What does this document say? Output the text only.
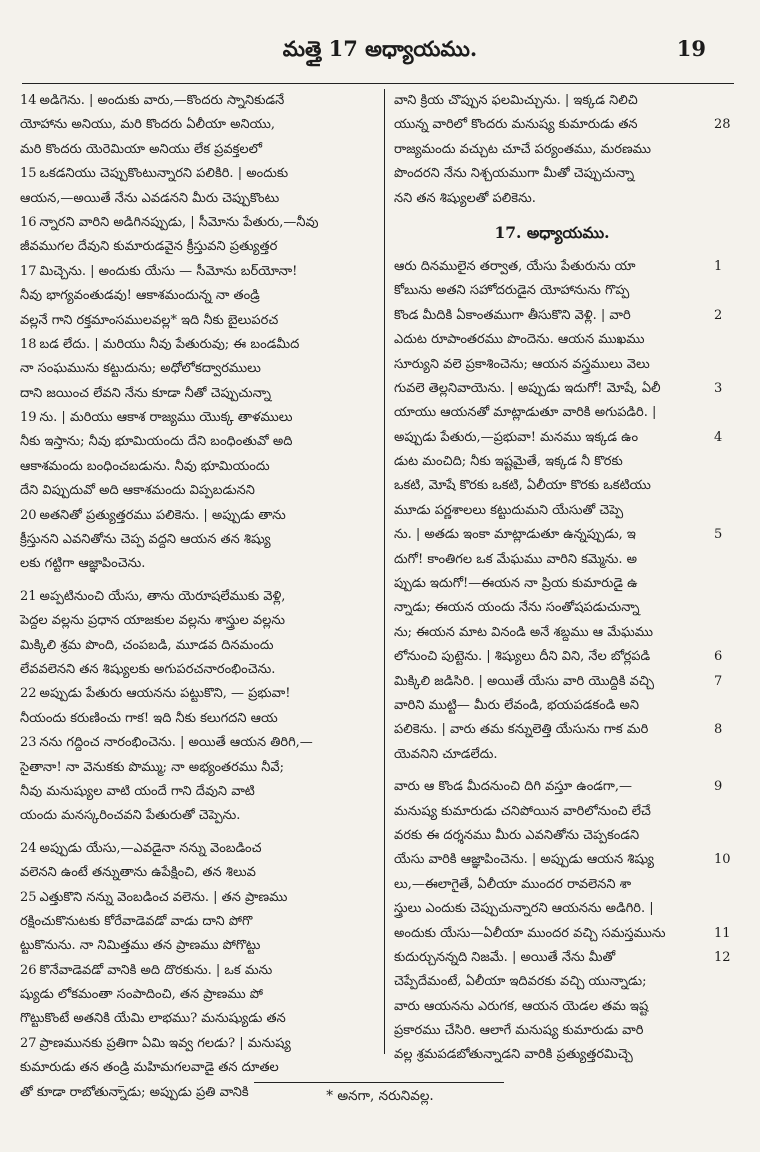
మత్తై 17 అధ్యాయము.	19
14 అడిగెను. | అందుకు వారు,—కొందరు స్నానికుడనే
యోహాను అనియు, మరి కొందరు ఏలీయా అనియు,
మరి కొందరు యెరెమియా అనియు లేక ప్రవక్తలలో
15 ఒకడనియు చెప్పుకొంటున్నారని పలికిరి. | అందుకు
ఆయన,—అయితే నేను ఎవడనని మీరు చెప్పుకొంటు
16 న్నారని వారిని అడిగినప్పుడు, | సీమోను పేతురు,—నీవు
జీవముగల దేవుని కుమారుడవైన క్రీస్తువని ప్రత్యుత్తర
17 మిచ్చెను. | అందుకు యేసు — సీమోను బర్‌యోనా!
నీవు భాగ్యవంతుడవు! ఆకాశమందున్న నా తండ్రి
వల్లనే గాని రక్తమాంసములవల్ల* ఇది నీకు బైలుపరచ
18 బడ లేదు. | మరియు నీవు పేతురువు; ఈ బండమీద
నా సంఘమును కట్టుదును; అధోలోకద్వారములు
దాని జయించ లేవని నేను కూడా నీతో చెప్పుచున్నా
19 ను. | మరియు ఆకాశ రాజ్యము యొక్క తాళములు
నీకు ఇస్తాను; నీవు భూమియందు దేని బంధింతువో అది
ఆకాశమందు బంధించబడును. నీవు భూమియందు
దేని విప్పుదువో అది ఆకాశమందు విప్పబడునని
20 అతనితో ప్రత్యుత్తరము పలికెను. | అప్పుడు తాను
క్రీస్తునని ఎవనితోను చెప్ప వద్దని ఆయన తన శిష్యు
లకు గట్టిగా ఆజ్ఞాపించెను.
21 అప్పటినుంచి యేసు, తాను యెరూషలేముకు వెళ్లి,
పెద్దల వల్లను ప్రధాన యాజకుల వల్లను శాస్త్రుల వల్లను
మిక్కిలి శ్రమ పొంది, చంపబడి, మూడవ దినమందు
లేవవలెనని తన శిష్యులకు అగుపరచనారంభించెను.
22 అప్పుడు పేతురు ఆయనను పట్టుకొని, — ప్రభువా!
నీయందు కరుణించు గాక! ఇది నీకు కలుగదని ఆయ
23 నను గద్దించ నారంభించెను. | అయితే ఆయన తిరిగి,—
సైతానా! నా వెనుకకు పొమ్ము; నా అభ్యంతరము నీవే;
నీవు మనుష్యుల వాటి యందే గాని దేవుని వాటి
యందు మనస్కరించవని పేతురుతో చెప్పెను.
24 అప్పుడు యేసు,—ఎవడైనా నన్ను వెంబడించ
వలెనని ఉంటే తన్నుతాను ఉపేక్షించి, తన శిలువ
25 ఎత్తుకొని నన్ను వెంబడించ వలెను. | తన ప్రాణము
రక్షించుకొనుటకు కోరేవాడెవడో వాడు దాని పోగొ
ట్టుకొనును. నా నిమిత్తము తన ప్రాణము పోగొట్టు
26 కొనేవాడెవడో వానికి అది దొరకును. | ఒక మను
ష్యుడు లోకమంతా సంపాదించి, తన ప్రాణము పో
గొట్టుకొంటే అతనికి యేమి లాభము? మనుష్యుడు తన
27 ప్రాణమునకు ప్రతిగా ఏమి ఇవ్వ గలడు? | మనుష్య
కుమారుడు తన తండ్రి మహిమగలవాడై తన దూతల
తో కూడా రాబోతున్నాడు; అప్పుడు ప్రతి వానికి
వాని క్రియ చొప్పున ఫలమిచ్చును. | ఇక్కడ నిలిచి
యున్న వారిలో కొందరు మనుష్య కుమారుడు తన	28
రాజ్యమందు వచ్చుట చూచే పర్యంతము, మరణము
పొందరని నేను నిశ్చయముగా మీతో చెప్పుచున్నా
నని తన శిష్యులతో పలికెను.
17. అధ్యాయము.
ఆరు దినములైన తర్వాత, యేసు పేతురును యా	1
కోబును అతని సహోదరుడైన యోహానును గొప్ప
కొండ మీదికి ఏకాంతముగా తీసుకొని వెళ్లి. | వారి	2
ఎదుట రూపాంతరము పొందెను. ఆయన ముఖము
సూర్యుని వలె ప్రకాశించెను; ఆయన వస్త్రములు వెలు
గువలె తెల్లనివాయెను. | అప్పుడు ఇదుగో! మోషే, ఏలీ	3
యాయు ఆయనతో మాట్లాడుతూ వారికి అగుపడిరి. |
అప్పుడు పేతురు,—ప్రభువా! మనము ఇక్కడ ఉం	4
డుట మంచిది; నీకు ఇష్టమైతే, ఇక్కడ నీ కొరకు
ఒకటి, మోషే కొరకు ఒకటి, ఏలీయా కొరకు ఒకటియు
మూడు పర్ణశాలలు కట్టుదుమని యేసుతో చెప్పె
ను. | అతడు ఇంకా మాట్లాడుతూ ఉన్నప్పుడు, ఇ	5
దుగో! కాంతిగల ఒక మేఘము వారిని కమ్మెను. అ
ప్పుడు ఇదుగో!—ఈయన నా ప్రియ కుమారుడై ఉ
న్నాడు; ఈయన యందు నేను సంతోషపడుచున్నా
ను; ఈయన మాట వినండి అనే శబ్దము ఆ మేఘము
లోనుంచి పుట్టెను. | శిష్యులు దీని విని, నేల బోర్లపడి	6
మిక్కిలి జడిసిరి. | అయితే యేసు వారి యొద్దికి వచ్చి	7
వారిని ముట్టి— మీరు లేవండి, భయపడకండి అని
పలికెను. | వారు తమ కన్నులెత్తి యేసును గాక మరి	8
యెవనిని చూడలేదు.
వారు ఆ కొండ మీదనుంచి దిగి వస్తూ ఉండగా,—	9
మనుష్య కుమారుడు చనిపోయిన వారిలోనుంచి లేచే
వరకు ఈ దర్శనము మీరు ఎవనితోను చెప్పకండని
యేసు వారికి ఆజ్ఞాపించెను. | అప్పుడు ఆయన శిష్యు	10
లు,—ఈలాగైతే, ఏలీయా ముందర రావలెనని శా
స్త్రులు ఎందుకు చెప్పుచున్నారని ఆయనను అడిగిరి. |
అందుకు యేసు—ఏలీయా ముందర వచ్చి సమస్తమును	11
కుదుర్చునన్నది నిజమే. | అయితే నేను మీతో	12
చెప్పేదేమంటే, ఏలీయా ఇదివరకు వచ్చి యున్నాడు;
వారు ఆయనను ఎరుగక, ఆయన యెడల తమ ఇష్ట
ప్రకారము చేసిరి. ఆలాగే మనుష్య కుమారుడు వారి
వల్ల శ్రమపడబోతున్నాడని వారికి ప్రత్యుత్తరమిచ్చె
* అనగా, నరునివల్ల.
